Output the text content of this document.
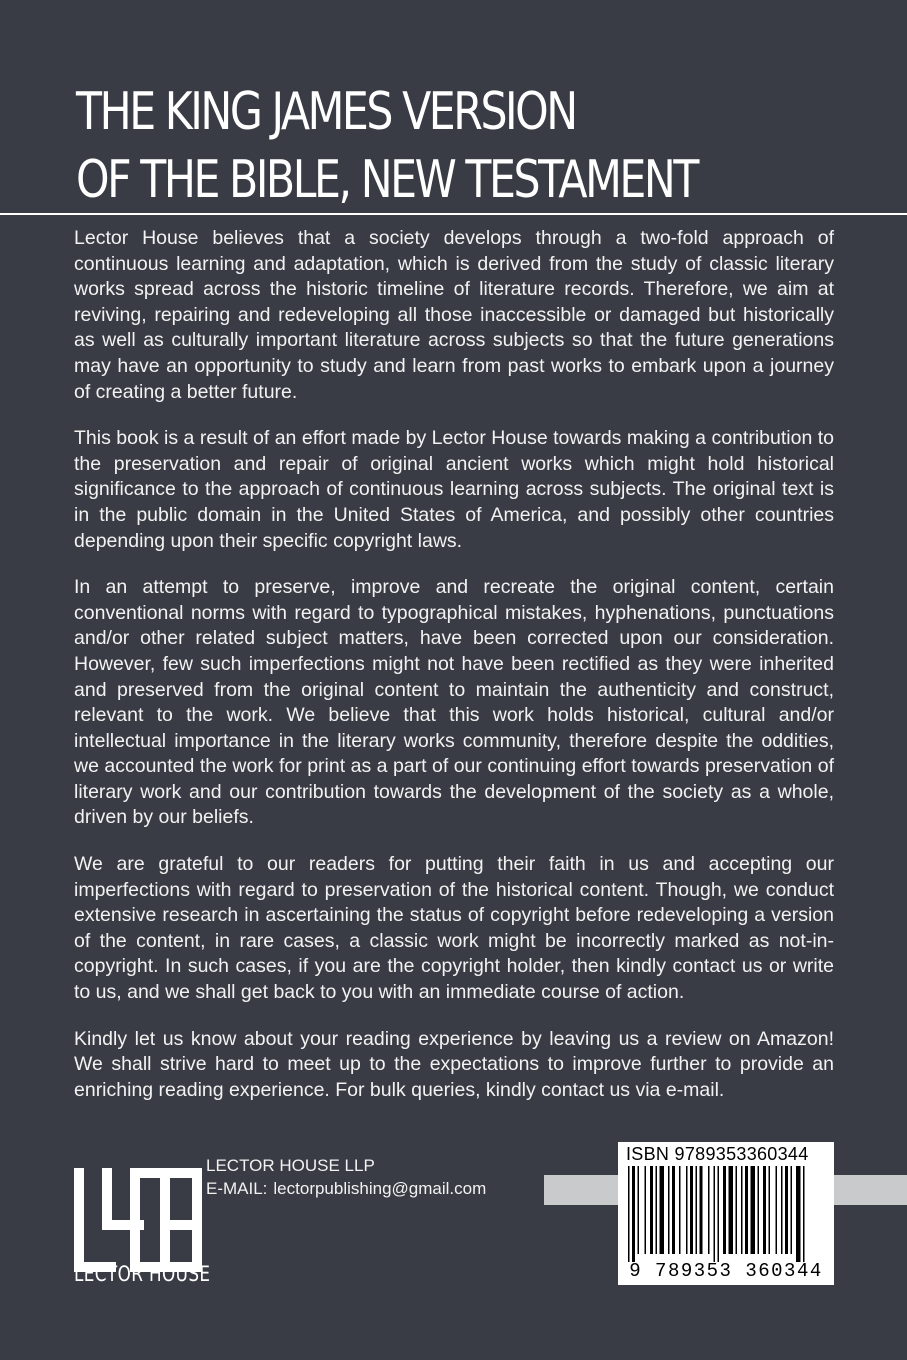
THE KING JAMES VERSION
OF THE BIBLE, NEW TESTAMENT

Lector House believes that a society develops through a two-fold approach of continuous learning and adaptation, which is derived from the study of classic literary works spread across the historic timeline of literature records. Therefore, we aim at reviving, repairing and redeveloping all those inaccessible or damaged but historically as well as culturally important literature across subjects so that the future generations may have an opportunity to study and learn from past works to embark upon a journey of creating a better future.

This book is a result of an effort made by Lector House towards making a contribution to the preservation and repair of original ancient works which might hold historical significance to the approach of continuous learning across subjects. The original text is in the public domain in the United States of America, and possibly other countries depending upon their specific copyright laws.

In an attempt to preserve, improve and recreate the original content, certain conventional norms with regard to typographical mistakes, hyphenations, punctuations and/or other related subject matters, have been corrected upon our consideration. However, few such imperfections might not have been rectified as they were inherited and preserved from the original content to maintain the authenticity and construct, relevant to the work. We believe that this work holds historical, cultural and/or intellectual importance in the literary works community, therefore despite the oddities, we accounted the work for print as a part of our continuing effort towards preservation of literary work and our contribution towards the development of the society as a whole, driven by our beliefs.

We are grateful to our readers for putting their faith in us and accepting our imperfections with regard to preservation of the historical content. Though, we conduct extensive research in ascertaining the status of copyright before redeveloping a version of the content, in rare cases, a classic work might be incorrectly marked as not-in-copyright. In such cases, if you are the copyright holder, then kindly contact us or write to us, and we shall get back to you with an immediate course of action.

Kindly let us know about your reading experience by leaving us a review on Amazon! We shall strive hard to meet up to the expectations to improve further to provide an enriching reading experience. For bulk queries, kindly contact us via e-mail.

LECTOR HOUSE
LECTOR HOUSE LLP
E-MAIL: lectorpublishing@gmail.com
ISBN 9789353360344
9 789353 360344
